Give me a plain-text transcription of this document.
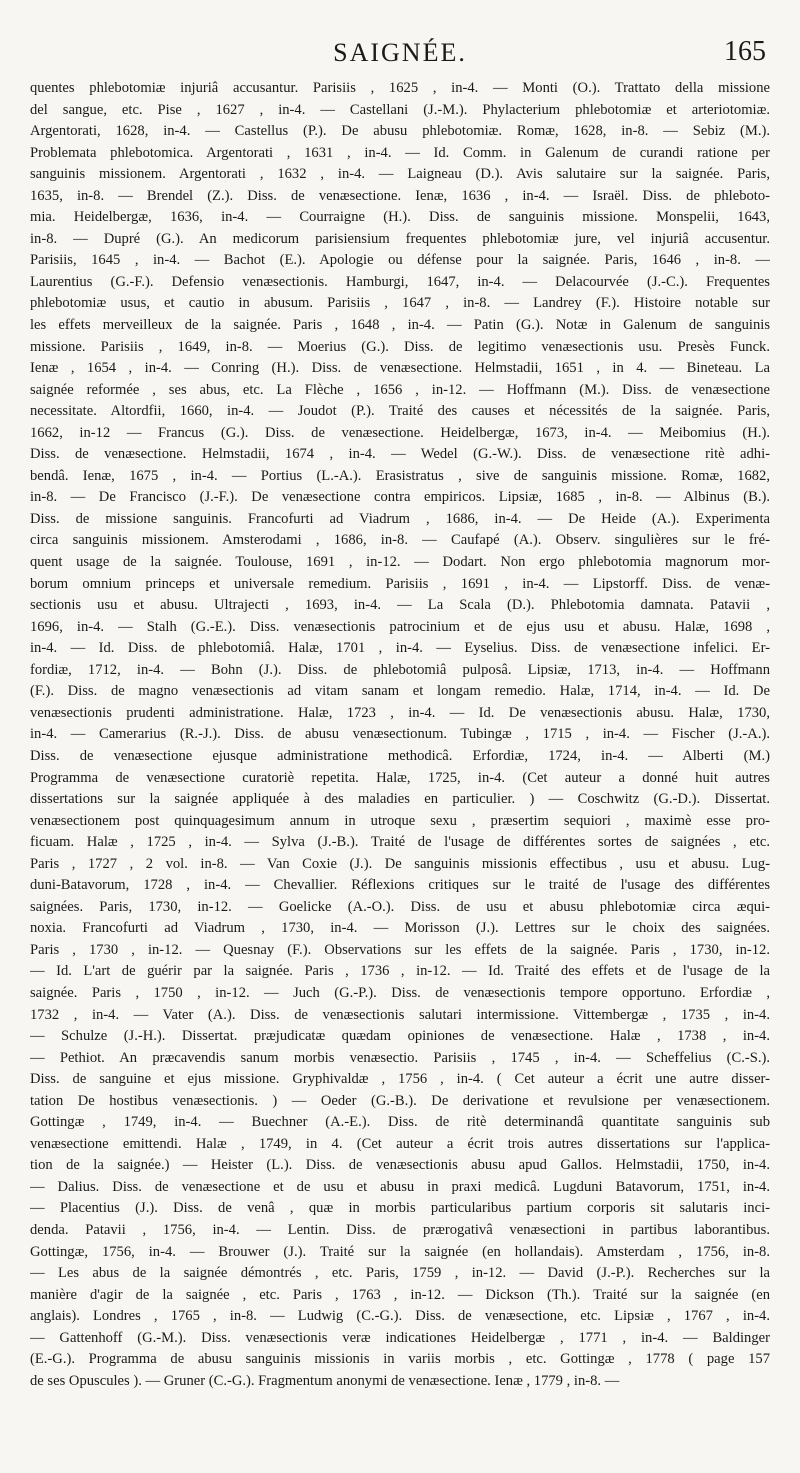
SAIGNÉE.	165
quentes phlebotomiæ injuriâ accusantur. Parisiis , 1625 , in-4. — Monti (O.). Trattato della missione
del sangue, etc. Pise , 1627 , in-4. — Castellani (J.-M.). Phylacterium phlebotomiæ et arteriotomiæ.
Argentorati, 1628, in-4. — Castellus (P.). De abusu phlebotomiæ. Romæ, 1628, in-8. — Sebiz (M.).
Problemata phlebotomica. Argentorati , 1631 , in-4. — Id. Comm. in Galenum de curandi ratione per
sanguinis missionem. Argentorati , 1632 , in-4. — Laigneau (D.). Avis salutaire sur la saignée. Paris,
1635, in-8. — Brendel (Z.). Diss. de venæsectione. Ienæ, 1636 , in-4. — Israël. Diss. de phleboto-
mia. Heidelbergæ, 1636, in-4. — Courraigne (H.). Diss. de sanguinis missione. Monspelii, 1643,
in-8. — Dupré (G.). An medicorum parisiensium frequentes phlebotomiæ jure, vel injuriâ accusentur.
Parisiis, 1645 , in-4. — Bachot (E.). Apologie ou défense pour la saignée. Paris, 1646 , in-8. —
Laurentius (G.-F.). Defensio venæsectionis. Hamburgi, 1647, in-4. — Delacourvée (J.-C.). Frequentes
phlebotomiæ usus, et cautio in abusum. Parisiis , 1647 , in-8. — Landrey (F.). Histoire notable sur
les effets merveilleux de la saignée. Paris , 1648 , in-4. — Patin (G.). Notæ in Galenum de sanguinis
missione. Parisiis , 1649, in-8. — Moerius (G.). Diss. de legitimo venæsectionis usu. Presès Funck.
Ienæ , 1654 , in-4. — Conring (H.). Diss. de venæsectione. Helmstadii, 1651 , in 4. — Bineteau. La
saignée reformée , ses abus, etc. La Flèche , 1656 , in-12. — Hoffmann (M.). Diss. de venæsectione
necessitate. Altordfii, 1660, in-4. — Joudot (P.). Traité des causes et nécessités de la saignée. Paris,
1662, in-12 — Francus (G.). Diss. de venæsectione. Heidelbergæ, 1673, in-4. — Meibomius (H.).
Diss. de venæsectione. Helmstadii, 1674 , in-4. — Wedel (G.-W.). Diss. de venæsectione ritè adhi-
bendâ. Ienæ, 1675 , in-4. — Portius (L.-A.). Erasistratus , sive de sanguinis missione. Romæ, 1682,
in-8. — De Francisco (J.-F.). De venæsectione contra empiricos. Lipsiæ, 1685 , in-8. — Albinus (B.).
Diss. de missione sanguinis. Francofurti ad Viadrum , 1686, in-4. — De Heide (A.). Experimenta
circa sanguinis missionem. Amsterodami , 1686, in-8. — Caufapé (A.). Observ. singulières sur le fré-
quent usage de la saignée. Toulouse, 1691 , in-12. — Dodart. Non ergo phlebotomia magnorum mor-
borum omnium princeps et universale remedium. Parisiis , 1691 , in-4. — Lipstorff. Diss. de venæ-
sectionis usu et abusu. Ultrajecti , 1693, in-4. — La Scala (D.). Phlebotomia damnata. Patavii ,
1696, in-4. — Stalh (G.-E.). Diss. venæsectionis patrocinium et de ejus usu et abusu. Halæ, 1698 ,
in-4. — Id. Diss. de phlebotomiâ. Halæ, 1701 , in-4. — Eyselius. Diss. de venæsectione infelici. Er-
fordiæ, 1712, in-4. — Bohn (J.). Diss. de phlebotomiâ pulposâ. Lipsiæ, 1713, in-4. — Hoffmann
(F.). Diss. de magno venæsectionis ad vitam sanam et longam remedio. Halæ, 1714, in-4. — Id. De
venæsectionis prudenti administratione. Halæ, 1723 , in-4. — Id. De venæsectionis abusu. Halæ, 1730,
in-4. — Camerarius (R.-J.). Diss. de abusu venæsectionum. Tubingæ , 1715 , in-4. — Fischer (J.-A.).
Diss. de venæsectione ejusque administratione methodicâ. Erfordiæ, 1724, in-4. — Alberti (M.)
Programma de venæsectione curatoriè repetita. Halæ, 1725, in-4. (Cet auteur a donné huit autres
dissertations sur la saignée appliquée à des maladies en particulier. ) — Coschwitz (G.-D.). Dissertat.
venæsectionem post quinquagesimum annum in utroque sexu , præsertim sequiori , maximè esse pro-
ficuam. Halæ , 1725 , in-4. — Sylva (J.-B.). Traité de l'usage de différentes sortes de saignées , etc.
Paris , 1727 , 2 vol. in-8. — Van Coxie (J.). De sanguinis missionis effectibus , usu et abusu. Lug-
duni-Batavorum, 1728 , in-4. — Chevallier. Réflexions critiques sur le traité de l'usage des différentes
saignées. Paris, 1730, in-12. — Goelicke (A.-O.). Diss. de usu et abusu phlebotomiæ circa æqui-
noxia. Francofurti ad Viadrum , 1730, in-4. — Morisson (J.). Lettres sur le choix des saignées.
Paris , 1730 , in-12. — Quesnay (F.). Observations sur les effets de la saignée. Paris , 1730, in-12.
— Id. L'art de guérir par la saignée. Paris , 1736 , in-12. — Id. Traité des effets et de l'usage de la
saignée. Paris , 1750 , in-12. — Juch (G.-P.). Diss. de venæsectionis tempore opportuno. Erfordiæ ,
1732 , in-4. — Vater (A.). Diss. de venæsectionis salutari intermissione. Vittembergæ , 1735 , in-4.
— Schulze (J.-H.). Dissertat. præjudicatæ quædam opiniones de venæsectione. Halæ , 1738 , in-4.
— Pethiot. An præcavendis sanum morbis venæsectio. Parisiis , 1745 , in-4. — Scheffelius (C.-S.).
Diss. de sanguine et ejus missione. Gryphivaldæ , 1756 , in-4. ( Cet auteur a écrit une autre disser-
tation De hostibus venæsectionis. ) — Oeder (G.-B.). De derivatione et revulsione per venæsectionem.
Gottingæ , 1749, in-4. — Buechner (A.-E.). Diss. de ritè determinandâ quantitate sanguinis sub
venæsectione emittendi. Halæ , 1749, in 4. (Cet auteur a écrit trois autres dissertations sur l'applica-
tion de la saignée.) — Heister (L.). Diss. de venæsectionis abusu apud Gallos. Helmstadii, 1750, in-4.
— Dalius. Diss. de venæsectione et de usu et abusu in praxi medicâ. Lugduni Batavorum, 1751, in-4.
— Placentius (J.). Diss. de venâ , quæ in morbis particularibus partium corporis sit salutaris inci-
denda. Patavii , 1756, in-4. — Lentin. Diss. de prærogativâ venæsectioni in partibus laborantibus.
Gottingæ, 1756, in-4. — Brouwer (J.). Traité sur la saignée (en hollandais). Amsterdam , 1756, in-8.
— Les abus de la saignée démontrés , etc. Paris, 1759 , in-12. — David (J.-P.). Recherches sur la
manière d'agir de la saignée , etc. Paris , 1763 , in-12. — Dickson (Th.). Traité sur la saignée (en
anglais). Londres , 1765 , in-8. — Ludwig (C.-G.). Diss. de venæsectione, etc. Lipsiæ , 1767 , in-4.
— Gattenhoff (G.-M.). Diss. venæsectionis veræ indicationes Heidelbergæ , 1771 , in-4. — Baldinger
(E.-G.). Programma de abusu sanguinis missionis in variis morbis , etc. Gottingæ , 1778 ( page 157
de ses Opuscules ). — Gruner (C.-G.). Fragmentum anonymi de venæsectione. Ienæ , 1779 , in-8. —
